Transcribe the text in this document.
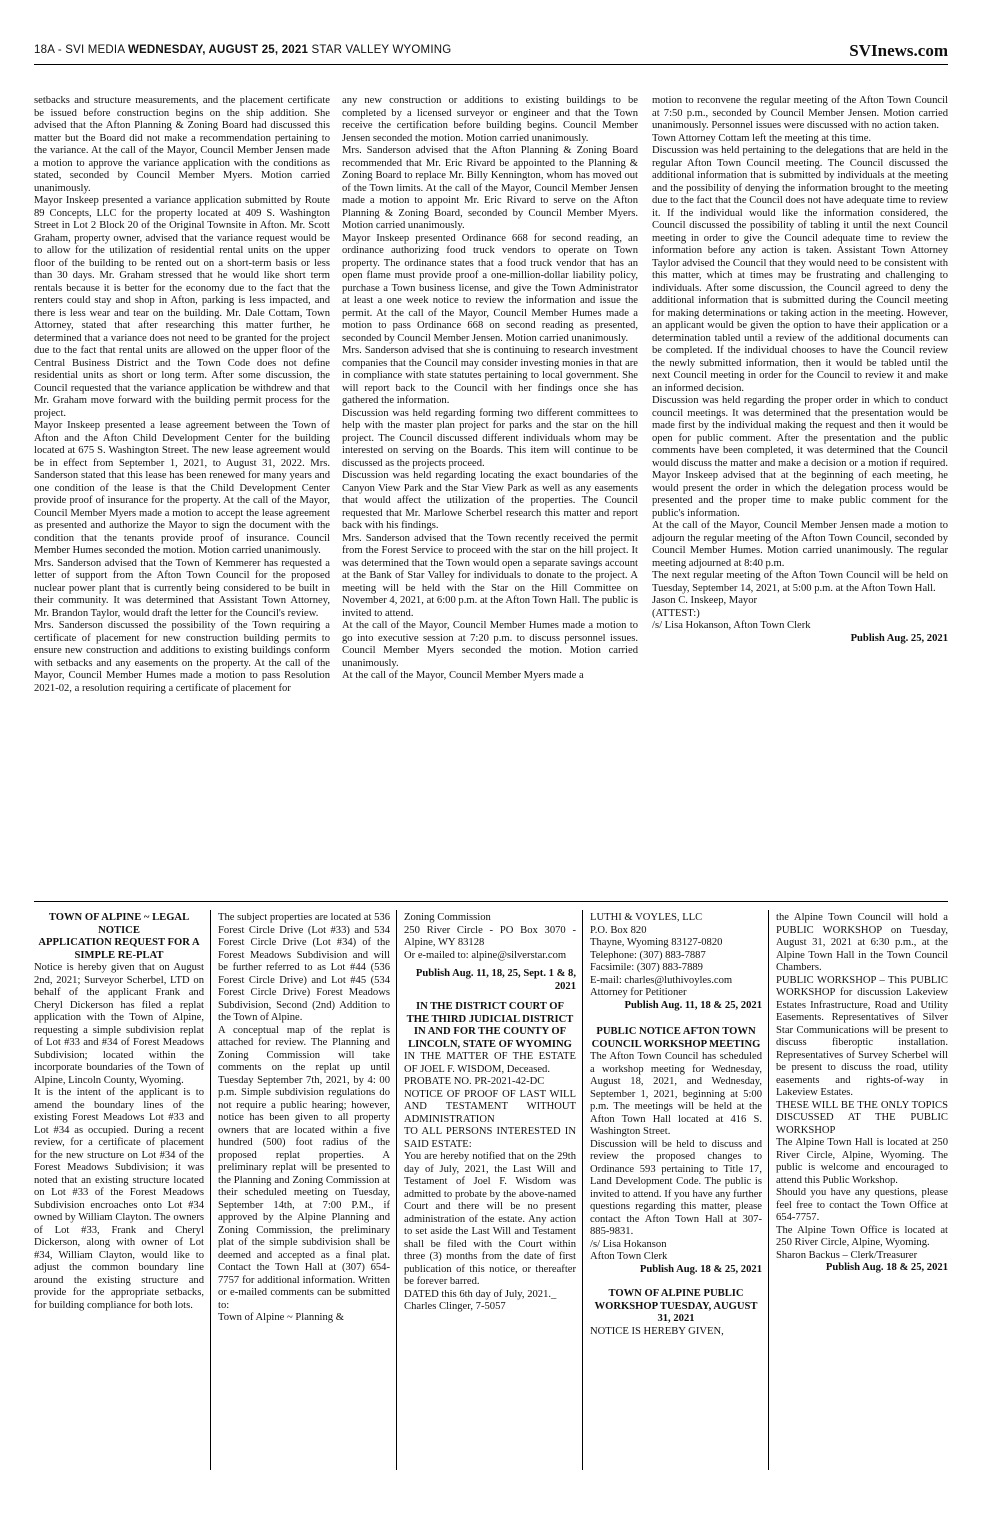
18A - SVI MEDIA WEDNESDAY, AUGUST 25, 2021 STAR VALLEY WYOMING	SVInews.com

setbacks and structure measurements, and the placement certificate be issued before construction begins on the ship addition. She advised that the Afton Planning & Zoning Board had discussed this matter but the Board did not make a recommendation pertaining to the variance. At the call of the Mayor, Council Member Jensen made a motion to approve the variance application with the conditions as stated, seconded by Council Member Myers. Motion carried unanimously.

Mayor Inskeep presented a variance application submitted by Route 89 Concepts, LLC for the property located at 409 S. Washington Street in Lot 2 Block 20 of the Original Townsite in Afton. Mr. Scott Graham, property owner, advised that the variance request would be to allow for the utilization of residential rental units on the upper floor of the building to be rented out on a short-term basis or less than 30 days. Mr. Graham stressed that he would like short term rentals because it is better for the economy due to the fact that the renters could stay and shop in Afton, parking is less impacted, and there is less wear and tear on the building. Mr. Dale Cottam, Town Attorney, stated that after researching this matter further, he determined that a variance does not need to be granted for the project due to the fact that rental units are allowed on the upper floor of the Central Business District and the Town Code does not define residential units as short or long term. After some discussion, the Council requested that the variance application be withdrew and that Mr. Graham move forward with the building permit process for the project.

Mayor Inskeep presented a lease agreement between the Town of Afton and the Afton Child Development Center for the building located at 675 S. Washington Street. The new lease agreement would be in effect from September 1, 2021, to August 31, 2022. Mrs. Sanderson stated that this lease has been renewed for many years and one condition of the lease is that the Child Development Center provide proof of insurance for the property. At the call of the Mayor, Council Member Myers made a motion to accept the lease agreement as presented and authorize the Mayor to sign the document with the condition that the tenants provide proof of insurance. Council Member Humes seconded the motion. Motion carried unanimously.

Mrs. Sanderson advised that the Town of Kemmerer has requested a letter of support from the Afton Town Council for the proposed nuclear power plant that is currently being considered to be built in their community. It was determined that Assistant Town Attorney, Mr. Brandon Taylor, would draft the letter for the Council's review.

Mrs. Sanderson discussed the possibility of the Town requiring a certificate of placement for new construction building permits to ensure new construction and additions to existing buildings conform with setbacks and any easements on the property. At the call of the Mayor, Council Member Humes made a motion to pass Resolution 2021-02, a resolution requiring a certificate of placement for

any new construction or additions to existing buildings to be completed by a licensed surveyor or engineer and that the Town receive the certification before building begins. Council Member Jensen seconded the motion. Motion carried unanimously.

Mrs. Sanderson advised that the Afton Planning & Zoning Board recommended that Mr. Eric Rivard be appointed to the Planning & Zoning Board to replace Mr. Billy Kennington, whom has moved out of the Town limits. At the call of the Mayor, Council Member Jensen made a motion to appoint Mr. Eric Rivard to serve on the Afton Planning & Zoning Board, seconded by Council Member Myers. Motion carried unanimously.

Mayor Inskeep presented Ordinance 668 for second reading, an ordinance authorizing food truck vendors to operate on Town property. The ordinance states that a food truck vendor that has an open flame must provide proof a one-million-dollar liability policy, purchase a Town business license, and give the Town Administrator at least a one week notice to review the information and issue the permit. At the call of the Mayor, Council Member Humes made a motion to pass Ordinance 668 on second reading as presented, seconded by Council Member Jensen. Motion carried unanimously.

Mrs. Sanderson advised that she is continuing to research investment companies that the Council may consider investing monies in that are in compliance with state statutes pertaining to local government. She will report back to the Council with her findings once she has gathered the information.

Discussion was held regarding forming two different committees to help with the master plan project for parks and the star on the hill project. The Council discussed different individuals whom may be interested on serving on the Boards. This item will continue to be discussed as the projects proceed.

Discussion was held regarding locating the exact boundaries of the Canyon View Park and the Star View Park as well as any easements that would affect the utilization of the properties. The Council requested that Mr. Marlowe Scherbel research this matter and report back with his findings.

Mrs. Sanderson advised that the Town recently received the permit from the Forest Service to proceed with the star on the hill project. It was determined that the Town would open a separate savings account at the Bank of Star Valley for individuals to donate to the project. A meeting will be held with the Star on the Hill Committee on November 4, 2021, at 6:00 p.m. at the Afton Town Hall. The public is invited to attend.

At the call of the Mayor, Council Member Humes made a motion to go into executive session at 7:20 p.m. to discuss personnel issues. Council Member Myers seconded the motion. Motion carried unanimously.

At the call of the Mayor, Council Member Myers made a

motion to reconvene the regular meeting of the Afton Town Council at 7:50 p.m., seconded by Council Member Jensen. Motion carried unanimously. Personnel issues were discussed with no action taken.

Town Attorney Cottam left the meeting at this time.

Discussion was held pertaining to the delegations that are held in the regular Afton Town Council meeting. The Council discussed the additional information that is submitted by individuals at the meeting and the possibility of denying the information brought to the meeting due to the fact that the Council does not have adequate time to review it. If the individual would like the information considered, the Council discussed the possibility of tabling it until the next Council meeting in order to give the Council adequate time to review the information before any action is taken. Assistant Town Attorney Taylor advised the Council that they would need to be consistent with this matter, which at times may be frustrating and challenging to individuals. After some discussion, the Council agreed to deny the additional information that is submitted during the Council meeting for making determinations or taking action in the meeting. However, an applicant would be given the option to have their application or a determination tabled until a review of the additional documents can be completed. If the individual chooses to have the Council review the newly submitted information, then it would be tabled until the next Council meeting in order for the Council to review it and make an informed decision.

Discussion was held regarding the proper order in which to conduct council meetings. It was determined that the presentation would be made first by the individual making the request and then it would be open for public comment. After the presentation and the public comments have been completed, it was determined that the Council would discuss the matter and make a decision or a motion if required. Mayor Inskeep advised that at the beginning of each meeting, he would present the order in which the delegation process would be presented and the proper time to make public comment for the public's information.

At the call of the Mayor, Council Member Jensen made a motion to adjourn the regular meeting of the Afton Town Council, seconded by Council Member Humes. Motion carried unanimously. The regular meeting adjourned at 8:40 p.m.

The next regular meeting of the Afton Town Council will be held on Tuesday, September 14, 2021, at 5:00 p.m. at the Afton Town Hall.

Jason C. Inskeep, Mayor

(ATTEST:)

/s/ Lisa Hokanson, Afton Town Clerk

Publish Aug. 25, 2021

TOWN OF ALPINE ~ LEGAL NOTICE

APPLICATION REQUEST FOR A SIMPLE RE-PLAT

Notice is hereby given that on August 2nd, 2021; Surveyor Scherbel, LTD on behalf of the applicant Frank and Cheryl Dickerson has filed a replat application with the Town of Alpine, requesting a simple subdivision replat of Lot #33 and #34 of Forest Meadows Subdivision; located within the incorporate boundaries of the Town of Alpine, Lincoln County, Wyoming.

It is the intent of the applicant is to amend the boundary lines of the existing Forest Meadows Lot #33 and Lot #34 as occupied. During a recent review, for a certificate of placement for the new structure on Lot #34 of the Forest Meadows Subdivision; it was noted that an existing structure located on Lot #33 of the Forest Meadows Subdivision encroaches onto Lot #34 owned by William Clayton. The owners of Lot #33, Frank and Cheryl Dickerson, along with owner of Lot #34, William Clayton, would like to adjust the common boundary line around the existing structure and provide for the appropriate setbacks, for building compliance for both lots.

The subject properties are located at 536 Forest Circle Drive (Lot #33) and 534 Forest Circle Drive (Lot #34) of the Forest Meadows Subdivision and will be further referred to as Lot #44 (536 Forest Circle Drive) and Lot #45 (534 Forest Circle Drive) Forest Meadows Subdivision, Second (2nd) Addition to the Town of Alpine.

A conceptual map of the replat is attached for review. The Planning and Zoning Commission will take comments on the replat up until Tuesday September 7th, 2021, by 4: 00 p.m. Simple subdivision regulations do not require a public hearing; however, notice has been given to all property owners that are located within a five hundred (500) foot radius of the proposed replat properties. A preliminary replat will be presented to the Planning and Zoning Commission at their scheduled meeting on Tuesday, September 14th, at 7:00 P.M., if approved by the Alpine Planning and Zoning Commission, the preliminary plat of the simple subdivision shall be deemed and accepted as a final plat. Contact the Town Hall at (307) 654-7757 for additional information. Written or e-mailed comments can be submitted to:

Town of Alpine ~ Planning &

Zoning Commission

250 River Circle - PO Box 3070 - Alpine, WY 83128

Or e-mailed to: alpine@silverstar.com

Publish Aug. 11, 18, 25, Sept. 1 & 8, 2021

IN THE DISTRICT COURT OF THE THIRD JUDICIAL DISTRICT IN AND FOR THE COUNTY OF LINCOLN, STATE OF WYOMING

IN THE MATTER OF THE ESTATE OF JOEL F. WISDOM, Deceased.

PROBATE NO. PR-2021-42-DC

NOTICE OF PROOF OF LAST WILL AND TESTAMENT WITHOUT ADMINISTRATION

TO ALL PERSONS INTERESTED IN SAID ESTATE:

You are hereby notified that on the 29th day of July, 2021, the Last Will and Testament of Joel F. Wisdom was admitted to probate by the above-named Court and there will be no present administration of the estate. Any action to set aside the Last Will and Testament shall be filed with the Court within three (3) months from the date of first publication of this notice, or thereafter be forever barred.

DATED this 6th day of July, 2021._

Charles Clinger, 7-5057

LUTHI & VOYLES, LLC

P.O. Box 820

Thayne, Wyoming 83127-0820

Telephone: (307) 883-7887

Facsimile: (307) 883-7889

E-mail: charles@luthivoyles.com

Attorney for Petitioner

Publish Aug. 11, 18 & 25, 2021

PUBLIC NOTICE AFTON TOWN COUNCIL WORKSHOP MEETING

The Afton Town Council has scheduled a workshop meeting for Wednesday, August 18, 2021, and Wednesday, September 1, 2021, beginning at 5:00 p.m. The meetings will be held at the Afton Town Hall located at 416 S. Washington Street.

Discussion will be held to discuss and review the proposed changes to Ordinance 593 pertaining to Title 17, Land Development Code. The public is invited to attend. If you have any further questions regarding this matter, please contact the Afton Town Hall at 307-885-9831.

/s/ Lisa Hokanson

Afton Town Clerk

Publish Aug. 18 & 25, 2021

TOWN OF ALPINE PUBLIC WORKSHOP TUESDAY, AUGUST 31, 2021

NOTICE IS HEREBY GIVEN,

the Alpine Town Council will hold a PUBLIC WORKSHOP on Tuesday, August 31, 2021 at 6:30 p.m., at the Alpine Town Hall in the Town Council Chambers.

PUBLIC WORKSHOP – This PUBLIC WORKSHOP for discussion Lakeview Estates Infrastructure, Road and Utility Easements. Representatives of Silver Star Communications will be present to discuss fiberoptic installation. Representatives of Survey Scherbel will be present to discuss the road, utility easements and rights-of-way in Lakeview Estates.

THESE WILL BE THE ONLY TOPICS DISCUSSED AT THE PUBLIC WORKSHOP

The Alpine Town Hall is located at 250 River Circle, Alpine, Wyoming. The public is welcome and encouraged to attend this Public Workshop.

Should you have any questions, please feel free to contact the Town Office at 654-7757.

The Alpine Town Office is located at 250 River Circle, Alpine, Wyoming.

Sharon Backus – Clerk/Treasurer

Publish Aug. 18 & 25, 2021
